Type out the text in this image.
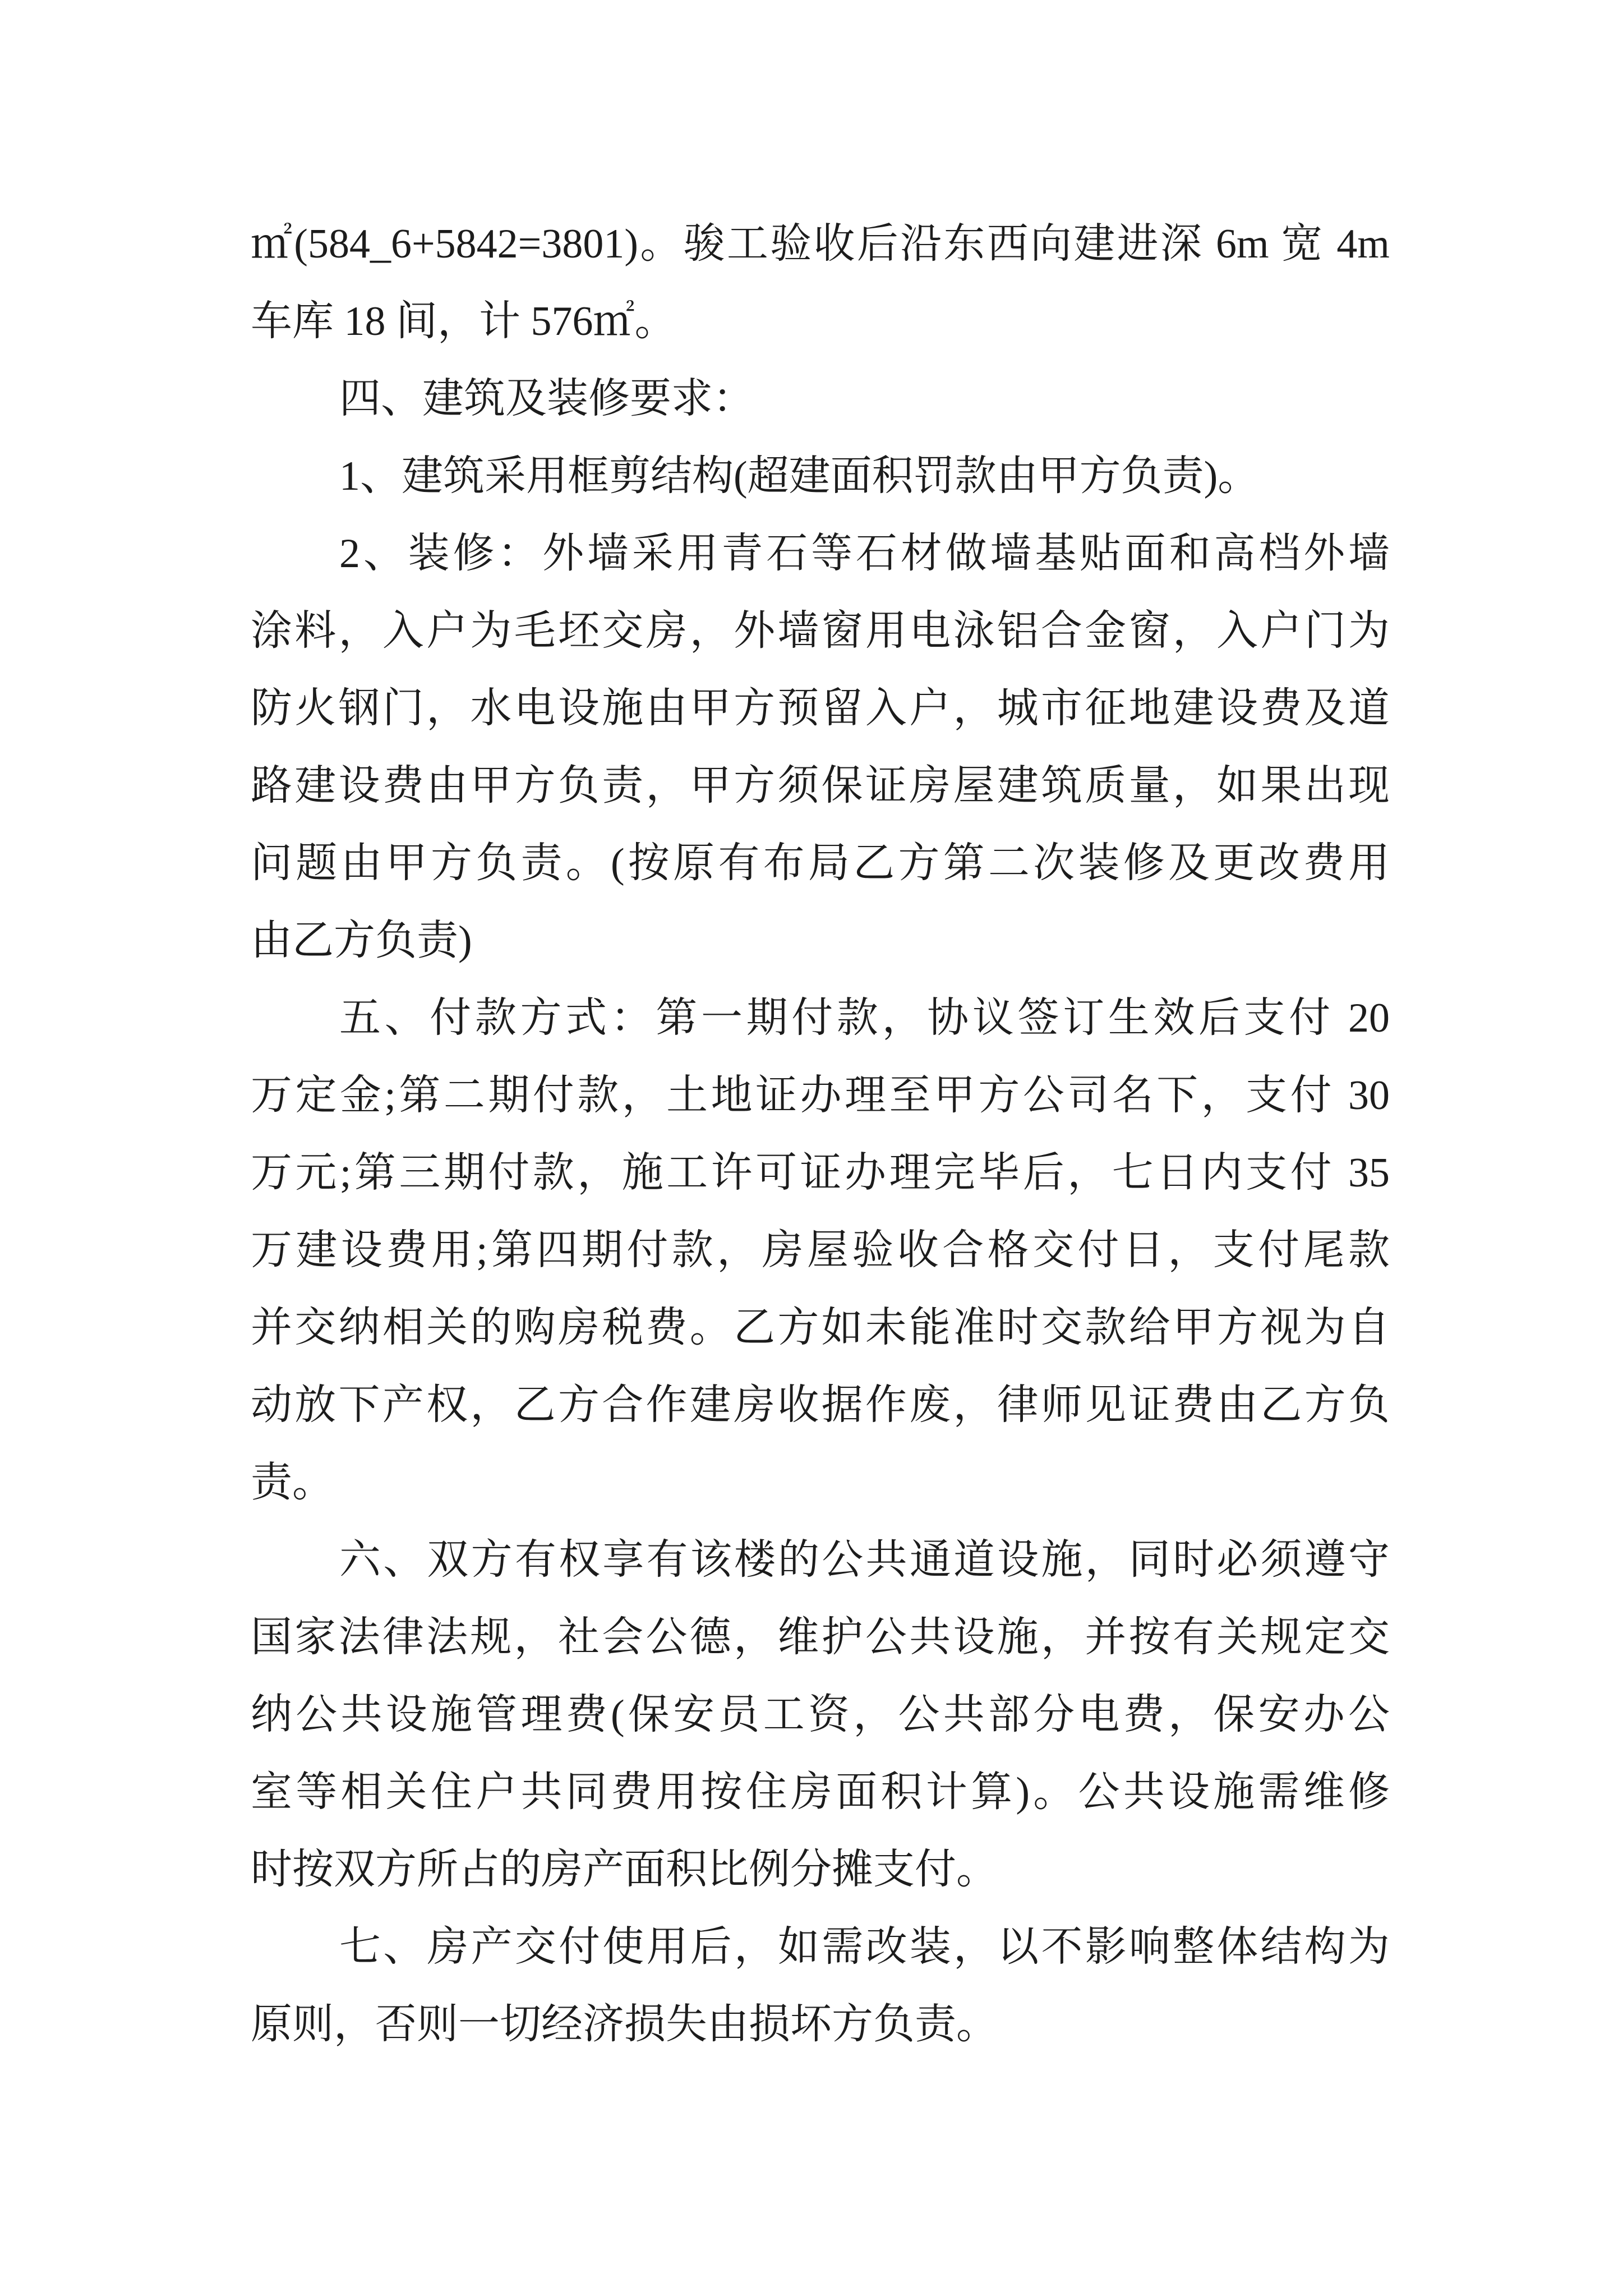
㎡(584_6+5842=3801)。骏工验收后沿东西向建进深 6m 宽 4m
车库 18 间，计 576㎡。
四、建筑及装修要求：
1、建筑采用框剪结构(超建面积罚款由甲方负责)。
2、装修：外墙采用青石等石材做墙基贴面和高档外墙
涂料，入户为毛坯交房，外墙窗用电泳铝合金窗，入户门为
防火钢门，水电设施由甲方预留入户，城市征地建设费及道
路建设费由甲方负责，甲方须保证房屋建筑质量，如果出现
问题由甲方负责。(按原有布局乙方第二次装修及更改费用
由乙方负责)
五、付款方式：第一期付款，协议签订生效后支付 20
万定金;第二期付款，土地证办理至甲方公司名下，支付 30
万元;第三期付款，施工许可证办理完毕后，七日内支付 35
万建设费用;第四期付款，房屋验收合格交付日，支付尾款
并交纳相关的购房税费。乙方如未能准时交款给甲方视为自
动放下产权，乙方合作建房收据作废，律师见证费由乙方负
责。
六、双方有权享有该楼的公共通道设施，同时必须遵守
国家法律法规，社会公德，维护公共设施，并按有关规定交
纳公共设施管理费(保安员工资，公共部分电费，保安办公
室等相关住户共同费用按住房面积计算)。公共设施需维修
时按双方所占的房产面积比例分摊支付。
七、房产交付使用后，如需改装，以不影响整体结构为
原则，否则一切经济损失由损坏方负责。
